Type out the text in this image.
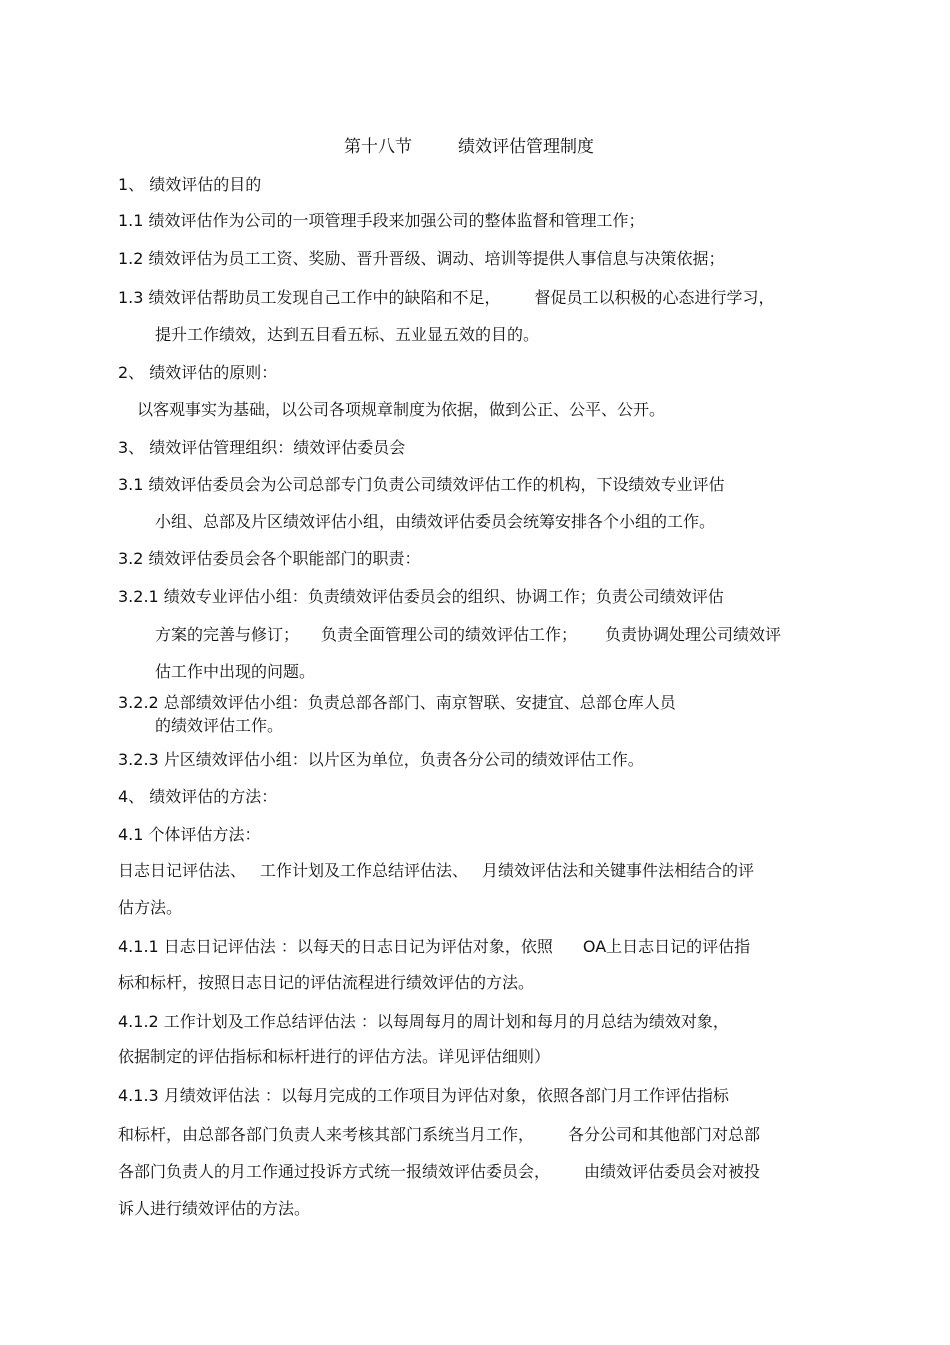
第十八节	绩效评估管理制度
1、 绩效评估的目的
1.1 绩效评估作为公司的一项管理手段来加强公司的整体监督和管理工作；
1.2 绩效评估为员工工资、奖励、晋升晋级、调动、培训等提供人事信息与决策依据；
1.3 绩效评估帮助员工发现自己工作中的缺陷和不足， 督促员工以积极的心态进行学习，
提升工作绩效，达到五目看五标、五业显五效的目的。
2、 绩效评估的原则：
以客观事实为基础，以公司各项规章制度为依据，做到公正、公平、公开。
3、 绩效评估管理组织：绩效评估委员会
3.1 绩效评估委员会为公司总部专门负责公司绩效评估工作的机构，下设绩效专业评估
小组、总部及片区绩效评估小组，由绩效评估委员会统筹安排各个小组的工作。
3.2 绩效评估委员会各个职能部门的职责：
3.2.1 绩效专业评估小组：负责绩效评估委员会的组织、协调工作；负责公司绩效评估
方案的完善与修订； 负责全面管理公司的绩效评估工作； 负责协调处理公司绩效评
估工作中出现的问题。
3.2.2 总部绩效评估小组：负责总部各部门、南京智联、安捷宜、总部仓库人员
的绩效评估工作。
3.2.3 片区绩效评估小组：以片区为单位，负责各分公司的绩效评估工作。
4、 绩效评估的方法：
4.1 个体评估方法：
日志日记评估法、 工作计划及工作总结评估法、 月绩效评估法和关键事件法相结合的评
估方法。
4.1.1 日志日记评估法 ：以每天的日志日记为评估对象，依照 OA上日志日记的评估指
标和标杆，按照日志日记的评估流程进行绩效评估的方法。
4.1.2 工作计划及工作总结评估法 ：以每周每月的周计划和每月的月总结为绩效对象，
依据制定的评估指标和标杆进行的评估方法。详见评估细则）
4.1.3 月绩效评估法 ：以每月完成的工作项目为评估对象，依照各部门月工作评估指标
和标杆，由总部各部门负责人来考核其部门系统当月工作， 各分公司和其他部门对总部
各部门负责人的月工作通过投诉方式统一报绩效评估委员会， 由绩效评估委员会对被投
诉人进行绩效评估的方法。
